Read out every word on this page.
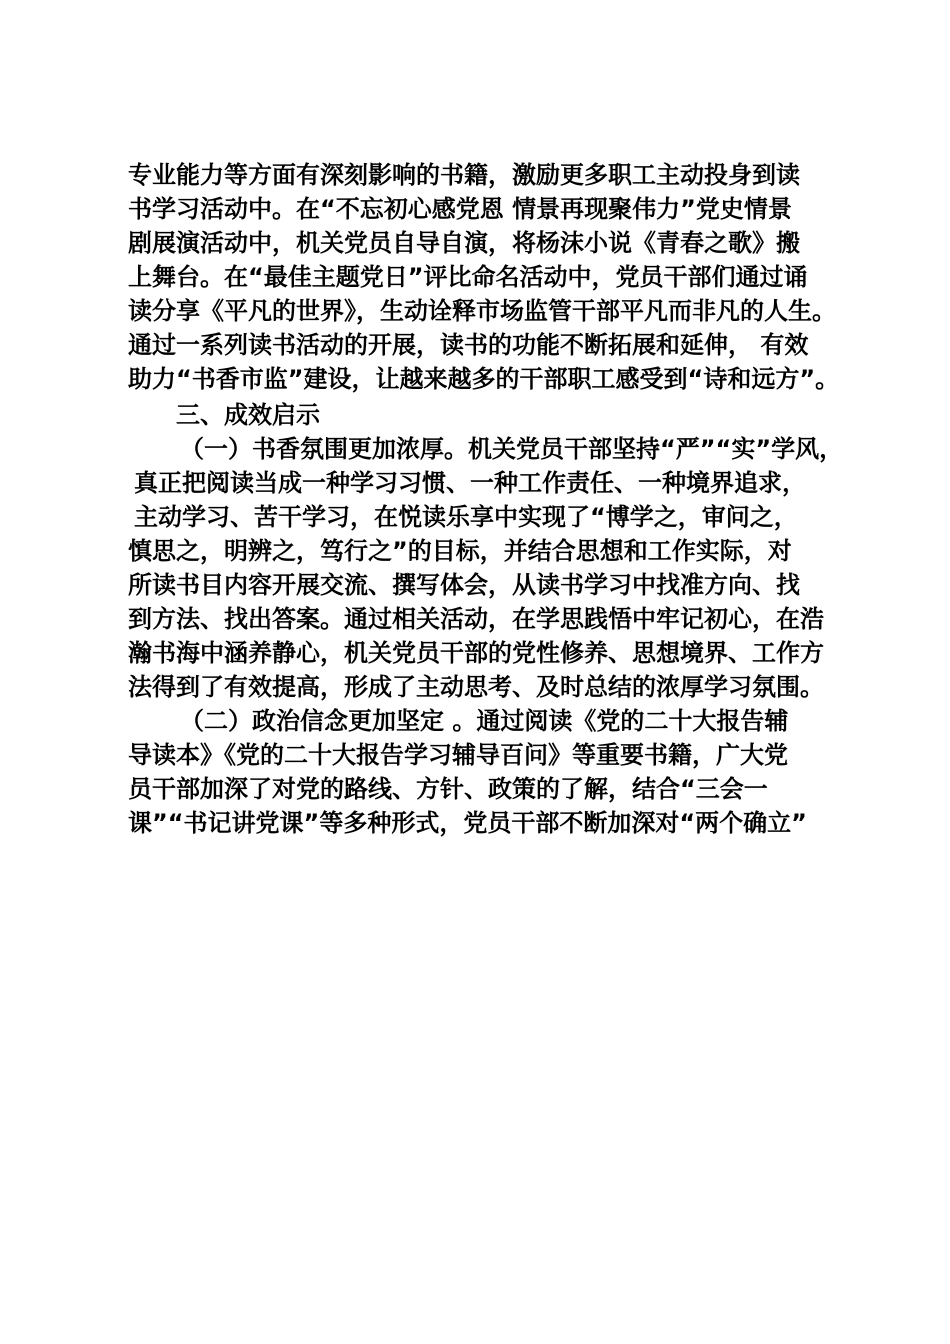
专业能力等方面有深刻影响的书籍，激励更多职工主动投身到读
书学习活动中。在“不忘初心感党恩 情景再现聚伟力”党史情景
剧展演活动中，机关党员自导自演，将杨沫小说《青春之歌》搬
上舞台。在“最佳主题党日”评比命名活动中，党员干部们通过诵
读分享《平凡的世界》，生动诠释市场监管干部平凡而非凡的人生。
通过一系列读书活动的开展，读书的功能不断拓展和延伸， 有效
助力“书香市监”建设，让越来越多的干部职工感受到“诗和远方”。
三、成效启示
（一）书香氛围更加浓厚。机关党员干部坚持“严”“实”学风，
真正把阅读当成一种学习习惯、一种工作责任、一种境界追求，
主动学习、苦干学习，在悦读乐享中实现了“博学之，审问之，
慎思之，明辨之，笃行之”的目标，并结合思想和工作实际，对
所读书目内容开展交流、撰写体会，从读书学习中找准方向、找
到方法、找出答案。通过相关活动，在学思践悟中牢记初心，在浩
瀚书海中涵养静心，机关党员干部的党性修养、思想境界、工作方
法得到了有效提高，形成了主动思考、及时总结的浓厚学习氛围。
（二）政治信念更加坚定 。通过阅读《党的二十大报告辅
导读本》《党的二十大报告学习辅导百问》等重要书籍，广大党
员干部加深了对党的路线、方针、政策的了解，结合“三会一
课”“书记讲党课”等多种形式，党员干部不断加深对“两个确立”
